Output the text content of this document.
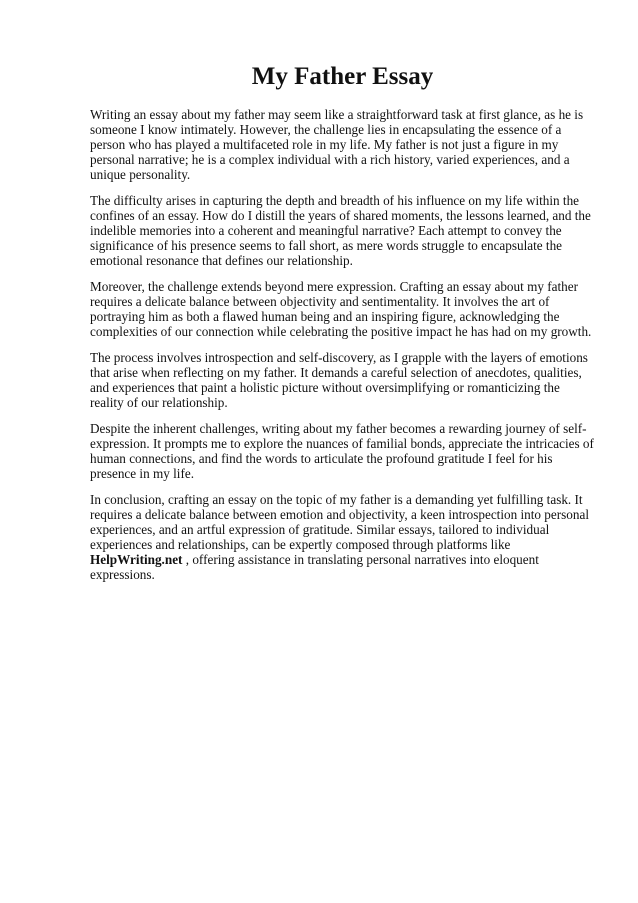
My Father Essay

Writing an essay about my father may seem like a straightforward task at first glance, as he is someone I know intimately. However, the challenge lies in encapsulating the essence of a person who has played a multifaceted role in my life. My father is not just a figure in my personal narrative; he is a complex individual with a rich history, varied experiences, and a unique personality.

The difficulty arises in capturing the depth and breadth of his influence on my life within the confines of an essay. How do I distill the years of shared moments, the lessons learned, and the indelible memories into a coherent and meaningful narrative? Each attempt to convey the significance of his presence seems to fall short, as mere words struggle to encapsulate the emotional resonance that defines our relationship.

Moreover, the challenge extends beyond mere expression. Crafting an essay about my father requires a delicate balance between objectivity and sentimentality. It involves the art of portraying him as both a flawed human being and an inspiring figure, acknowledging the complexities of our connection while celebrating the positive impact he has had on my growth.

The process involves introspection and self-discovery, as I grapple with the layers of emotions that arise when reflecting on my father. It demands a careful selection of anecdotes, qualities, and experiences that paint a holistic picture without oversimplifying or romanticizing the reality of our relationship.

Despite the inherent challenges, writing about my father becomes a rewarding journey of self-expression. It prompts me to explore the nuances of familial bonds, appreciate the intricacies of human connections, and find the words to articulate the profound gratitude I feel for his presence in my life.

In conclusion, crafting an essay on the topic of my father is a demanding yet fulfilling task. It requires a delicate balance between emotion and objectivity, a keen introspection into personal experiences, and an artful expression of gratitude. Similar essays, tailored to individual experiences and relationships, can be expertly composed through platforms like HelpWriting.net , offering assistance in translating personal narratives into eloquent expressions.
